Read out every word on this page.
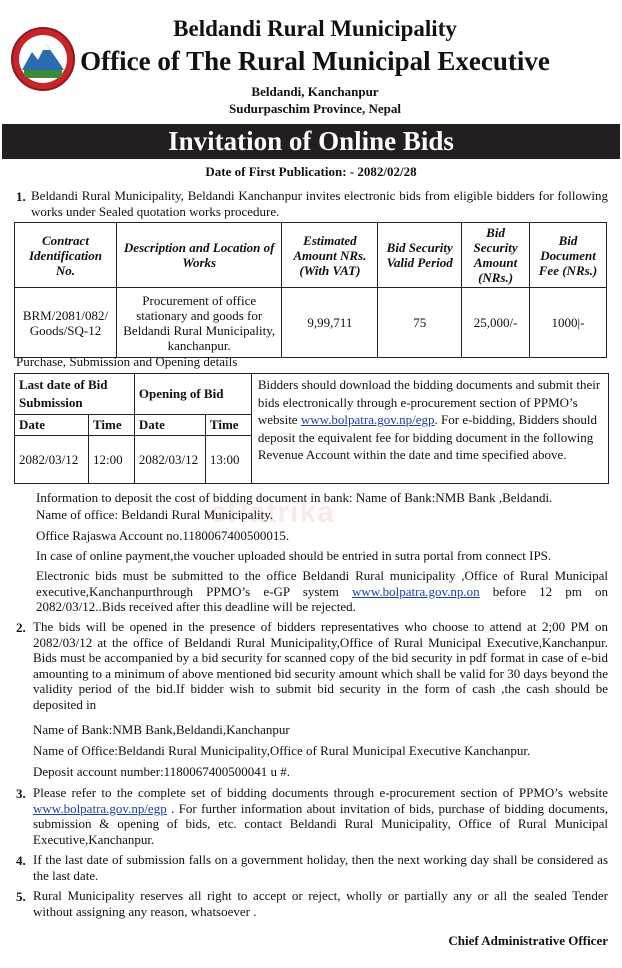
Beldandi Rural Municipality
Office of The Rural Municipal Executive
Beldandi, Kanchanpur
Sudurpaschim Province, Nepal
Invitation of Online Bids
Date of First Publication: - 2082/02/28
1. Beldandi Rural Municipality, Beldandi Kanchanpur invites electronic bids from eligible bidders for following works under Sealed quotation works procedure.
Contract Identification No.	Description and Location of Works	Estimated Amount NRs. (With VAT)	Bid Security Valid Period	Bid Security Amount (NRs.)	Bid Document Fee (NRs.)
BRM/2081/082/ Goods/SQ-12	Procurement of office stationary and goods for Beldandi Rural Municipality, kanchanpur.	9,99,711	75	25,000/-	1000|-
Purchase, Submission and Opening details
Last date of Bid Submission		Opening of Bid		Bidders should download the bidding documents and submit their bids electronically through e-procurement section of PPMO’s website www.bolpatra.gov.np/egp. For e-bidding, Bidders should deposit the equivalent fee for bidding document in the following Revenue Account within the date and time specified above.
Date	Time	Date	Time	
2082/03/12	12:00	2082/03/12	13:00	
ePatrika
Information to deposit the cost of bidding document in bank: Name of Bank:NMB Bank ,Beldandi.
Name of office: Beldandi Rural Municipality.
Office Rajaswa Account no.1180067400500015.
In case of online payment,the voucher uploaded should be entried in sutra portal from connect IPS.
Electronic bids must be submitted to the office Beldandi Rural municipality ,Office of Rural Municipal executive,Kanchanpurthrough PPMO’s e-GP system www.bolpatra.gov.np.on before 12 pm on 2082/03/12..Bids received after this deadline will be rejected.
2. The bids will be opened in the presence of bidders representatives who choose to attend at 2;00 PM on 2082/03/12 at the office of Beldandi Rural Municipality,Office of Rural Municipal Executive,Kanchanpur. Bids must be accompanied by a bid security for scanned copy of the bid security in pdf format in case of e-bid amounting to a minimum of above mentioned bid security amount which shall be valid for 30 days beyond the validity period of the bid.If bidder wish to submit bid security in the form of cash ,the cash should be deposited in
Name of Bank:NMB Bank,Beldandi,Kanchanpur
Name of Office:Beldandi Rural Municipality,Office of Rural Municipal Executive Kanchanpur.
Deposit account number:1180067400500041 u #.
3. Please refer to the complete set of bidding documents through e-procurement section of PPMO’s website www.bolpatra.gov.np/egp . For further information about invitation of bids, purchase of bidding documents, submission & opening of bids, etc. contact Beldandi Rural Municipality, Office of Rural Municipal Executive,Kanchanpur.
4. If the last date of submission falls on a government holiday, then the next working day shall be considered as the last date.
5. Rural Municipality reserves all right to accept or reject, wholly or partially any or all the sealed Tender without assigning any reason, whatsoever .
Chief Administrative Officer
